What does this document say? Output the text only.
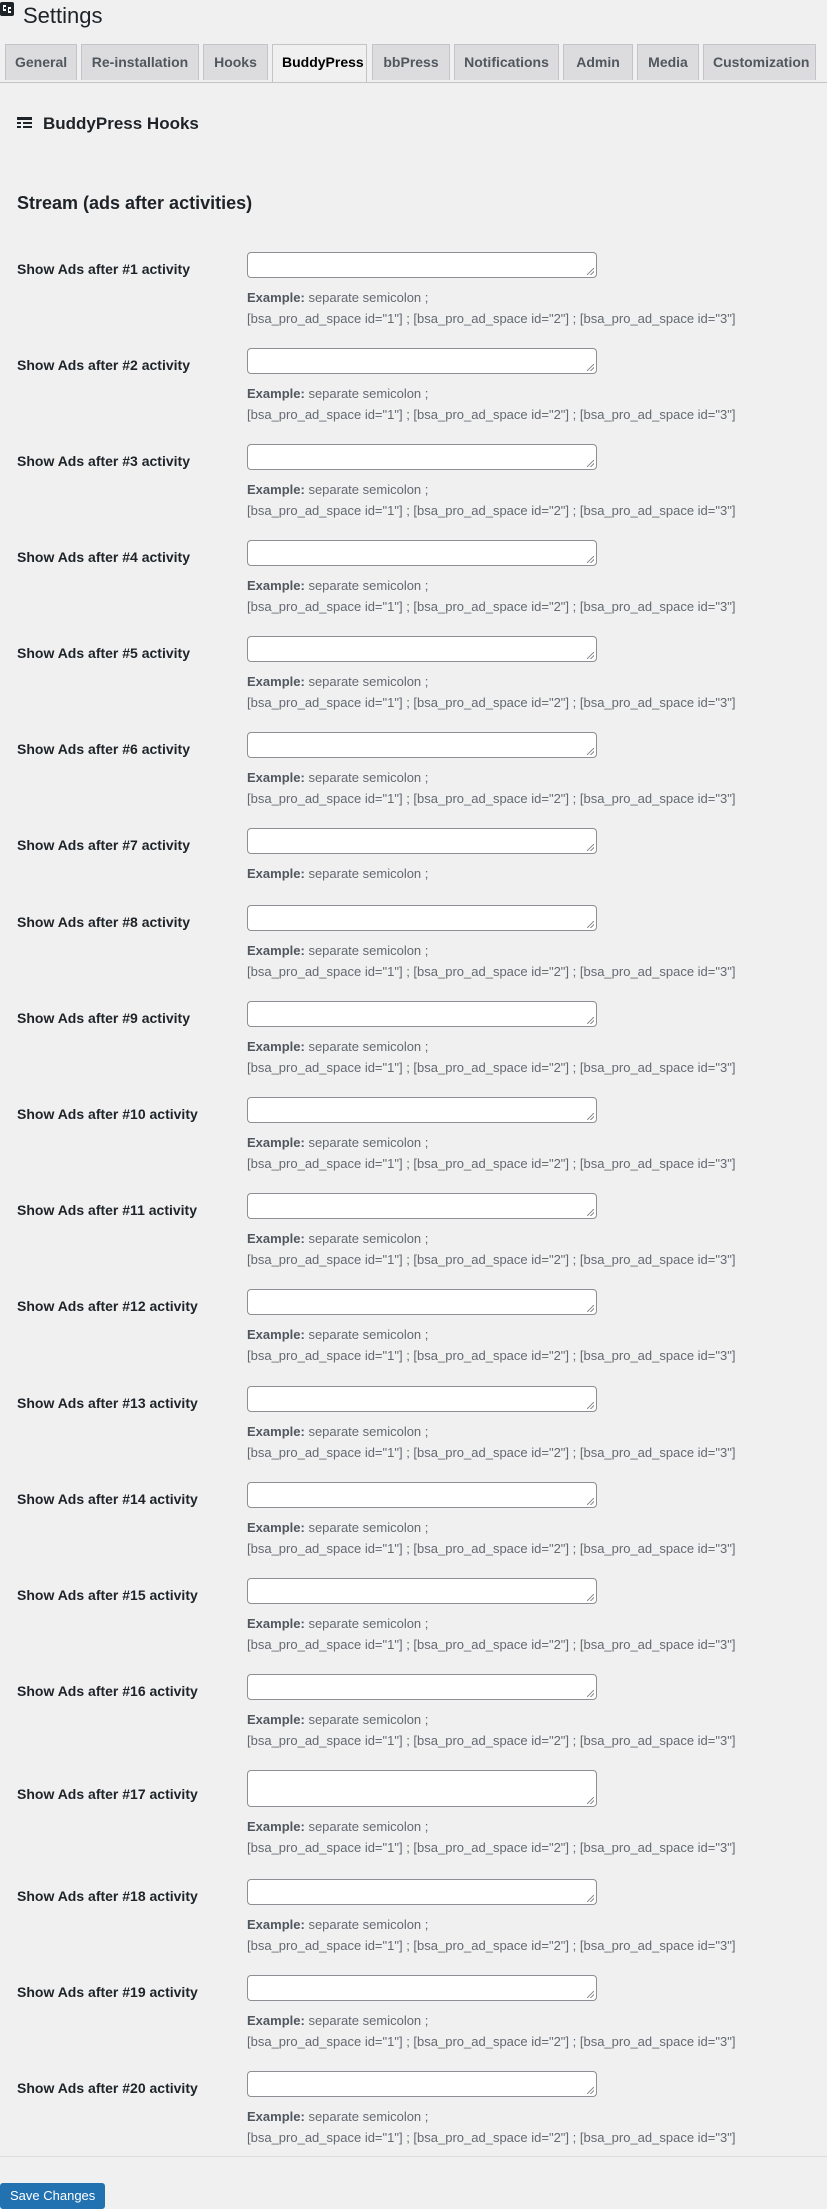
Settings
General	Re-installation	Hooks	BuddyPress	bbPress	Notifications	Admin	Media	Customization
BuddyPress Hooks
Stream (ads after activities)
Show Ads after #1 activity
Example: separate semicolon ;
[bsa_pro_ad_space id="1"] ; [bsa_pro_ad_space id="2"] ; [bsa_pro_ad_space id="3"]
Show Ads after #2 activity
Example: separate semicolon ;
[bsa_pro_ad_space id="1"] ; [bsa_pro_ad_space id="2"] ; [bsa_pro_ad_space id="3"]
Show Ads after #3 activity
Example: separate semicolon ;
[bsa_pro_ad_space id="1"] ; [bsa_pro_ad_space id="2"] ; [bsa_pro_ad_space id="3"]
Show Ads after #4 activity
Example: separate semicolon ;
[bsa_pro_ad_space id="1"] ; [bsa_pro_ad_space id="2"] ; [bsa_pro_ad_space id="3"]
Show Ads after #5 activity
Example: separate semicolon ;
[bsa_pro_ad_space id="1"] ; [bsa_pro_ad_space id="2"] ; [bsa_pro_ad_space id="3"]
Show Ads after #6 activity
Example: separate semicolon ;
[bsa_pro_ad_space id="1"] ; [bsa_pro_ad_space id="2"] ; [bsa_pro_ad_space id="3"]
Show Ads after #7 activity
Example: separate semicolon ;
Show Ads after #8 activity
Example: separate semicolon ;
[bsa_pro_ad_space id="1"] ; [bsa_pro_ad_space id="2"] ; [bsa_pro_ad_space id="3"]
Show Ads after #9 activity
Example: separate semicolon ;
[bsa_pro_ad_space id="1"] ; [bsa_pro_ad_space id="2"] ; [bsa_pro_ad_space id="3"]
Show Ads after #10 activity
Example: separate semicolon ;
[bsa_pro_ad_space id="1"] ; [bsa_pro_ad_space id="2"] ; [bsa_pro_ad_space id="3"]
Show Ads after #11 activity
Example: separate semicolon ;
[bsa_pro_ad_space id="1"] ; [bsa_pro_ad_space id="2"] ; [bsa_pro_ad_space id="3"]
Show Ads after #12 activity
Example: separate semicolon ;
[bsa_pro_ad_space id="1"] ; [bsa_pro_ad_space id="2"] ; [bsa_pro_ad_space id="3"]
Show Ads after #13 activity
Example: separate semicolon ;
[bsa_pro_ad_space id="1"] ; [bsa_pro_ad_space id="2"] ; [bsa_pro_ad_space id="3"]
Show Ads after #14 activity
Example: separate semicolon ;
[bsa_pro_ad_space id="1"] ; [bsa_pro_ad_space id="2"] ; [bsa_pro_ad_space id="3"]
Show Ads after #15 activity
Example: separate semicolon ;
[bsa_pro_ad_space id="1"] ; [bsa_pro_ad_space id="2"] ; [bsa_pro_ad_space id="3"]
Show Ads after #16 activity
Example: separate semicolon ;
[bsa_pro_ad_space id="1"] ; [bsa_pro_ad_space id="2"] ; [bsa_pro_ad_space id="3"]
Show Ads after #17 activity
Example: separate semicolon ;
[bsa_pro_ad_space id="1"] ; [bsa_pro_ad_space id="2"] ; [bsa_pro_ad_space id="3"]
Show Ads after #18 activity
Example: separate semicolon ;
[bsa_pro_ad_space id="1"] ; [bsa_pro_ad_space id="2"] ; [bsa_pro_ad_space id="3"]
Show Ads after #19 activity
Example: separate semicolon ;
[bsa_pro_ad_space id="1"] ; [bsa_pro_ad_space id="2"] ; [bsa_pro_ad_space id="3"]
Show Ads after #20 activity
Example: separate semicolon ;
[bsa_pro_ad_space id="1"] ; [bsa_pro_ad_space id="2"] ; [bsa_pro_ad_space id="3"]
Save Changes
